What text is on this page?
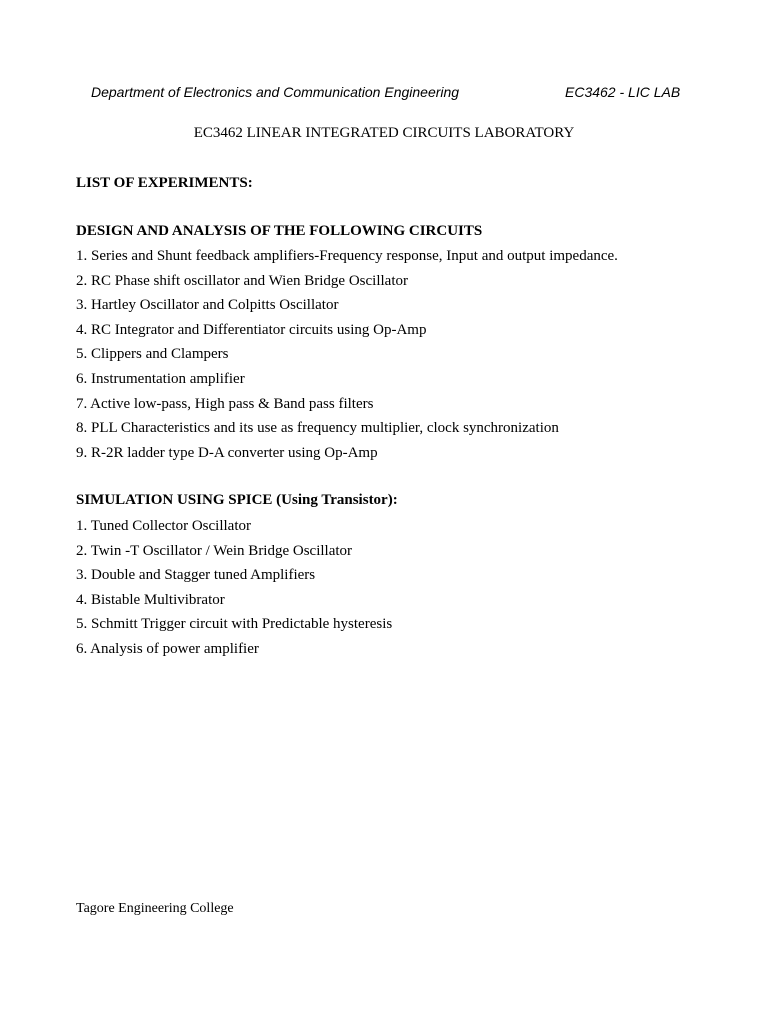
Department of Electronics and Communication Engineering	EC3462 - LIC LAB
EC3462 LINEAR INTEGRATED CIRCUITS LABORATORY
LIST OF EXPERIMENTS:
DESIGN AND ANALYSIS OF THE FOLLOWING CIRCUITS
1. Series and Shunt feedback amplifiers-Frequency response, Input and output impedance.
2. RC Phase shift oscillator and Wien Bridge Oscillator
3. Hartley Oscillator and Colpitts Oscillator
4. RC Integrator and Differentiator circuits using Op-Amp
5. Clippers and Clampers
6. Instrumentation amplifier
7. Active low-pass, High pass & Band pass filters
8. PLL Characteristics and its use as frequency multiplier, clock synchronization
9. R-2R ladder type D-A converter using Op-Amp
SIMULATION USING SPICE (Using Transistor):
1. Tuned Collector Oscillator
2. Twin -T Oscillator / Wein Bridge Oscillator
3. Double and Stagger tuned Amplifiers
4. Bistable Multivibrator
5. Schmitt Trigger circuit with Predictable hysteresis
6. Analysis of power amplifier
Tagore Engineering College
